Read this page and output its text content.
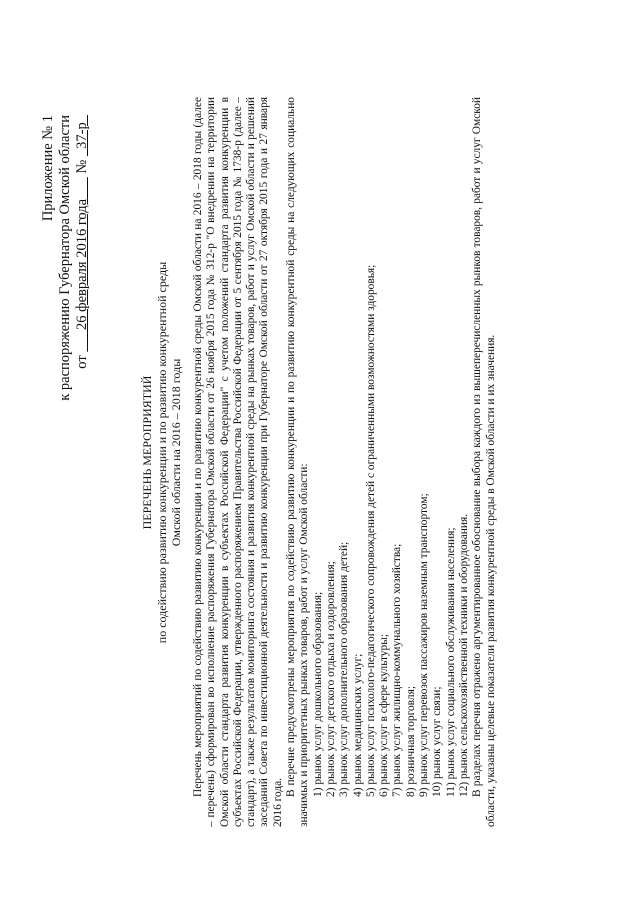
Приложение № 1 к распоряжению Губернатора Омской области от       26 февраля 2016 года       №   37-р
ПЕРЕЧЕНЬ МЕРОПРИЯТИЙ по содействию развитию конкуренции и по развитию конкурентной среды Омской области на 2016 – 2018 годы Перечень мероприятий по содействию развитию конкуренции и по развитию конкурентной среды Омской области на 2016 – 2018 годы (далее – перечень) сформирован во исполнение распоряжения Губернатора Омской области от 26 ноября 2015 года № 312-р "О внедрении на территории Омской области стандарта развития конкуренции в субъектах Российской Федерации" с учетом положений стандарта развития конкуренции в субъектах Российской Федерации, утвержденного распоряжением Правительства Российской Федерации от 5 сентября 2015 года № 1738-р (далее – стандарт), а также результатов мониторинга состояния и развития конкурентной среды на рынках товаров, работ и услуг Омской области и решений заседаний Совета по инвестиционной деятельности и развитию конкуренции при Губернаторе Омской области от 27 октября 2015 года и 27 января 2016 года.

В перечне предусмотрены мероприятия по содействию развитию конкуренции и по развитию конкурентной среды на следующих социально значимых и приоритетных рынках товаров, работ и услуг Омской области: 1) рынок услуг дошкольного образования; 2) рынок услуг детского отдыха и оздоровления; 3) рынок услуг дополнительного образования детей; 4) рынок медицинских услуг; 5) рынок услуг психолого-педагогического сопровождения детей с ограниченными возможностями здоровья; 6) рынок услуг в сфере культуры; 7) рынок услуг жилищно-коммунального хозяйства; 8) розничная торговля; 9) рынок услуг перевозок пассажиров наземным транспортом; 10) рынок услуг связи; 11) рынок услуг социального обслуживания населения; 12) рынок сельскохозяйственной техники и оборудования. В разделах перечня отражено аргументированное обоснование выбора каждого из вышеперечисленных рынков товаров, работ и услуг Омской области, указаны целевые показатели развития конкурентной среды в Омской области и их значения.
